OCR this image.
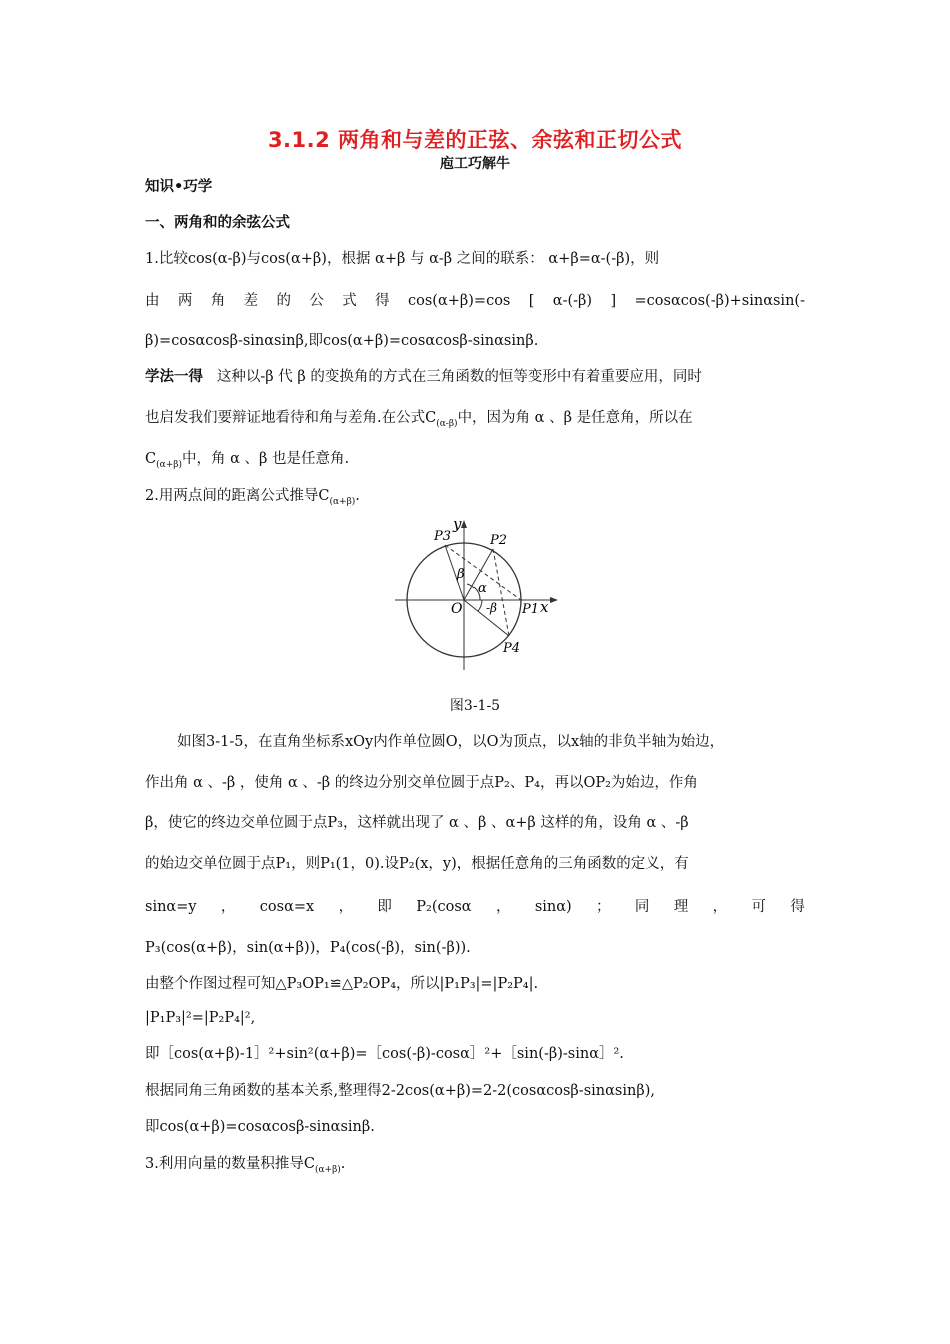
3.1.2 两角和与差的正弦、余弦和正切公式
庖工巧解牛
知识•巧学
一、两角和的余弦公式
1.比较cos(α-β)与cos(α+β)，根据 α+β 与 α-β 之间的联系： α+β=α-(-β)，则
由 两 角 差 的 公 式 得 cos(α+β)=cos [ α-(-β) ] =cosαcos(-β)+sinαsin(-
β)=cosαcosβ-sinαsinβ,即cos(α+β)=cosαcosβ-sinαsinβ.
学法一得 这种以-β 代 β 的变换角的方式在三角函数的恒等变形中有着重要应用，同时
也启发我们要辩证地看待和角与差角.在公式$C_{(\alpha-\beta)}$中，因为角 α 、β 是任意角，所以在
$C_{(\alpha+\beta)}$中，角 α 、β 也是任意角.
2.用两点间的距离公式推导$C_{(\alpha+\beta)}$.
x
y
O	P1
P2
P3
P4
α
β
-β
图3-1-5
如图3-1-5，在直角坐标系xOy内作单位圆O，以O为顶点，以x轴的非负半轴为始边，
作出角 α 、-β ，使角 α 、-β 的终边分别交单位圆于点P₂、P₄，再以OP₂为始边，作角
β，使它的终边交单位圆于点P₃，这样就出现了 α 、β 、α+β 这样的角，设角 α 、-β
的始边交单位圆于点P₁，则P₁(1，0).设P₂(x，y)，根据任意角的三角函数的定义，有
sinα=y ， cosα=x ， 即 P₂(cosα ， sinα) ； 同 理 ， 可 得
P₃(cos(α+β)，sin(α+β))，P₄(cos(-β)，sin(-β)).
由整个作图过程可知△P₃OP₁≌△P₂OP₄，所以|P₁P₃|=|P₂P₄|.
|P₁P₃|²=|P₂P₄|²,
即［cos(α+β)-1］²+sin²(α+β)=［cos(-β)-cosα］²+［sin(-β)-sinα］².
根据同角三角函数的基本关系,整理得2-2cos(α+β)=2-2(cosαcosβ-sinαsinβ),
即cos(α+β)=cosαcosβ-sinαsinβ.
3.利用向量的数量积推导$C_{(\alpha+\beta)}$.
